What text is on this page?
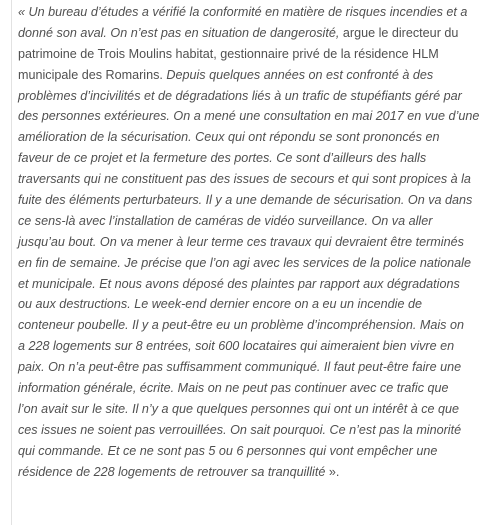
« Un bureau d’études a vérifié la conformité en matière de risques incendies et a
donné son aval. On n’est pas en situation de dangerosité, argue le directeur du
patrimoine de Trois Moulins habitat, gestionnaire privé de la résidence HLM
municipale des Romarins. Depuis quelques années on est confronté à des
problèmes d’incivilités et de dégradations liés à un trafic de stupéfiants géré par
des personnes extérieures. On a mené une consultation en mai 2017 en vue d’une
amélioration de la sécurisation. Ceux qui ont répondu se sont prononcés en
faveur de ce projet et la fermeture des portes. Ce sont d’ailleurs des halls
traversants qui ne constituent pas des issues de secours et qui sont propices à la
fuite des éléments perturbateurs. Il y a une demande de sécurisation. On va dans
ce sens-là avec l’installation de caméras de vidéo surveillance. On va aller
jusqu’au bout. On va mener à leur terme ces travaux qui devraient être terminés
en fin de semaine. Je précise que l’on agi avec les services de la police nationale
et municipale. Et nous avons déposé des plaintes par rapport aux dégradations
ou aux destructions. Le week-end dernier encore on a eu un incendie de
conteneur poubelle. Il y a peut-être eu un problème d’incompréhension. Mais on
a 228 logements sur 8 entrées, soit 600 locataires qui aimeraient bien vivre en
paix. On n’a peut-être pas suffisamment communiqué. Il faut peut-être faire une
information générale, écrite. Mais on ne peut pas continuer avec ce trafic que
l’on avait sur le site. Il n’y a que quelques personnes qui ont un intérêt à ce que
ces issues ne soient pas verrouillées. On sait pourquoi. Ce n’est pas la minorité
qui commande. Et ce ne sont pas 5 ou 6 personnes qui vont empêcher une
résidence de 228 logements de retrouver sa tranquillité ».
